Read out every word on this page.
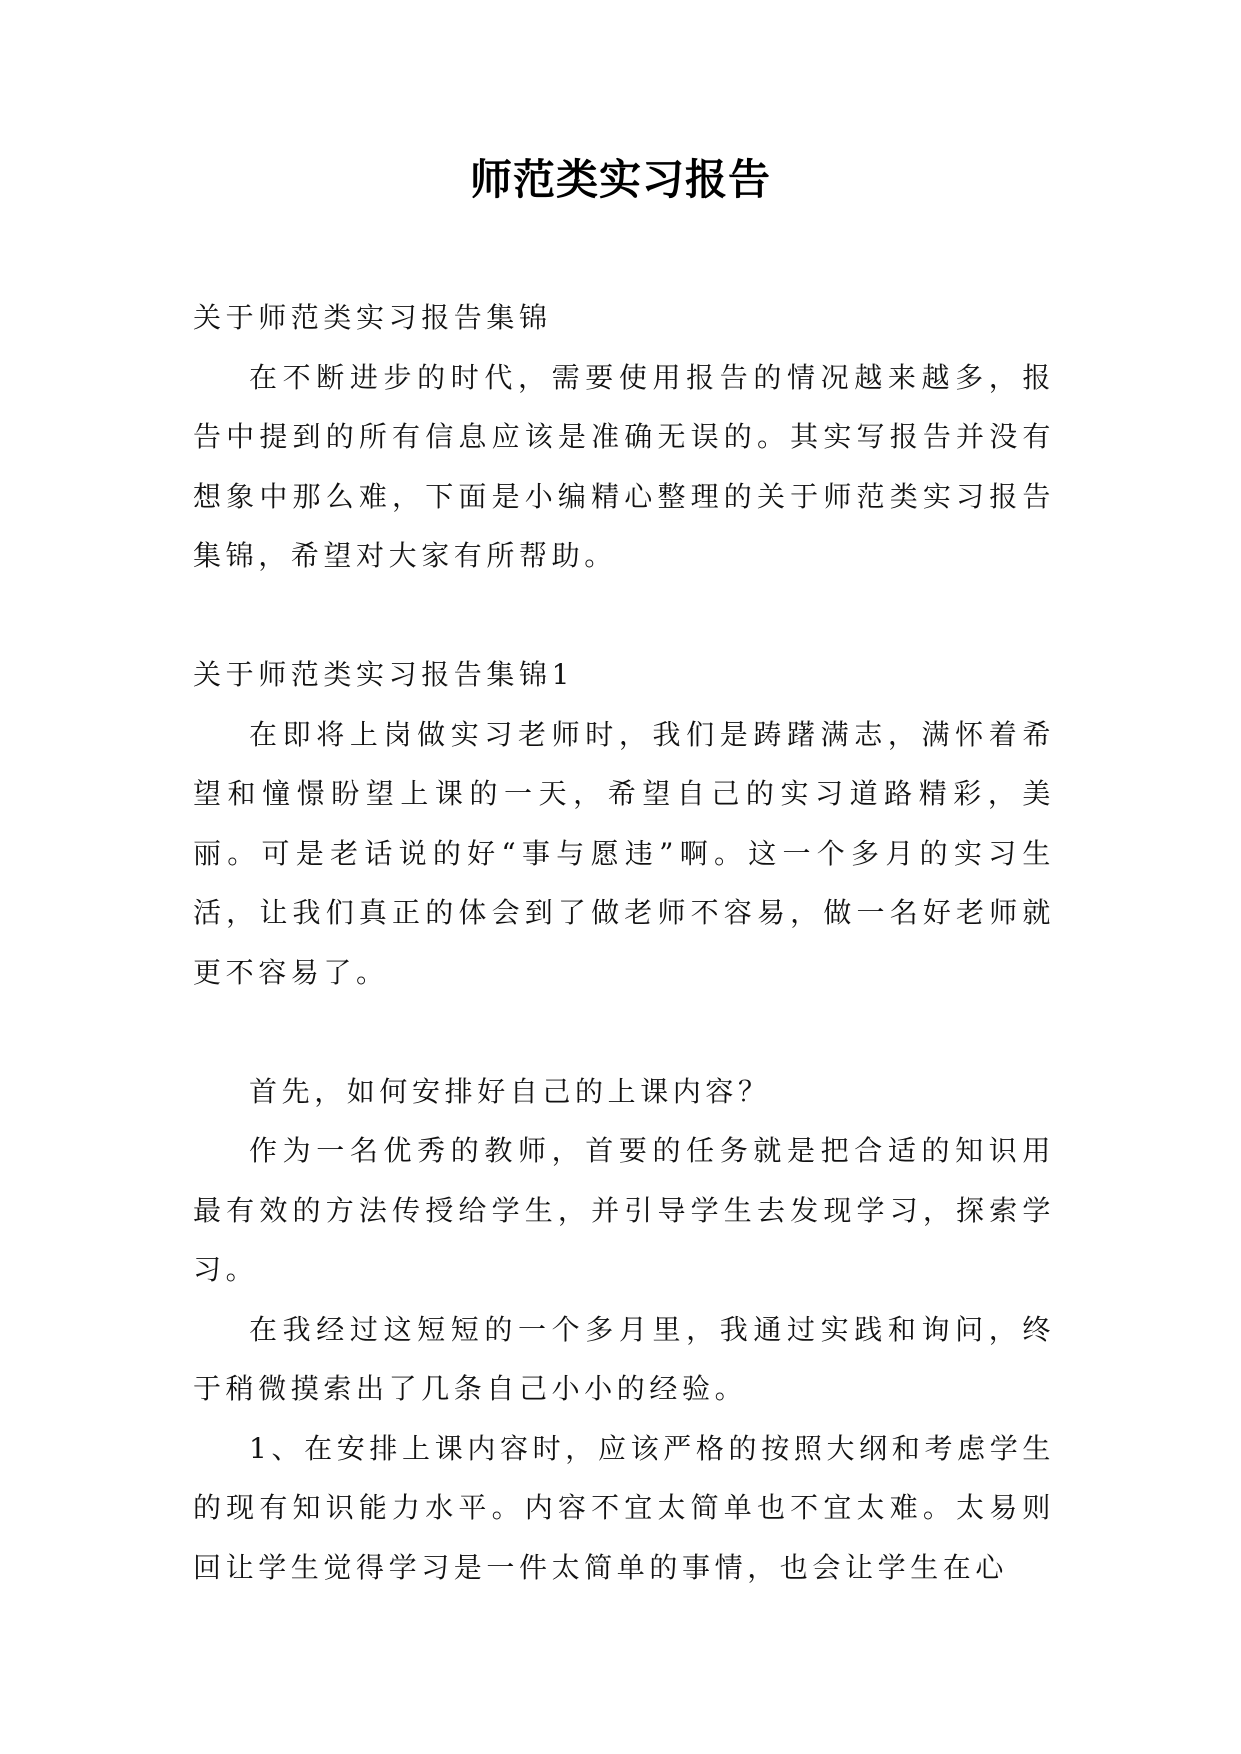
师范类实习报告

关于师范类实习报告集锦

在不断进步的时代，需要使用报告的情况越来越多，报告中提到的所有信息应该是准确无误的。其实写报告并没有想象中那么难，下面是小编精心整理的关于师范类实习报告集锦，希望对大家有所帮助。

关于师范类实习报告集锦1

在即将上岗做实习老师时，我们是踌躇满志，满怀着希望和憧憬盼望上课的一天，希望自己的实习道路精彩，美丽。可是老话说的好“事与愿违”啊。这一个多月的实习生活，让我们真正的体会到了做老师不容易，做一名好老师就更不容易了。

首先，如何安排好自己的上课内容？

作为一名优秀的教师，首要的任务就是把合适的知识用最有效的方法传授给学生，并引导学生去发现学习，探索学习。

在我经过这短短的一个多月里，我通过实践和询问，终于稍微摸索出了几条自己小小的经验。

1、在安排上课内容时，应该严格的按照大纲和考虑学生的现有知识能力水平。内容不宜太简单也不宜太难。太易则回让学生觉得学习是一件太简单的事情，也会让学生在心
